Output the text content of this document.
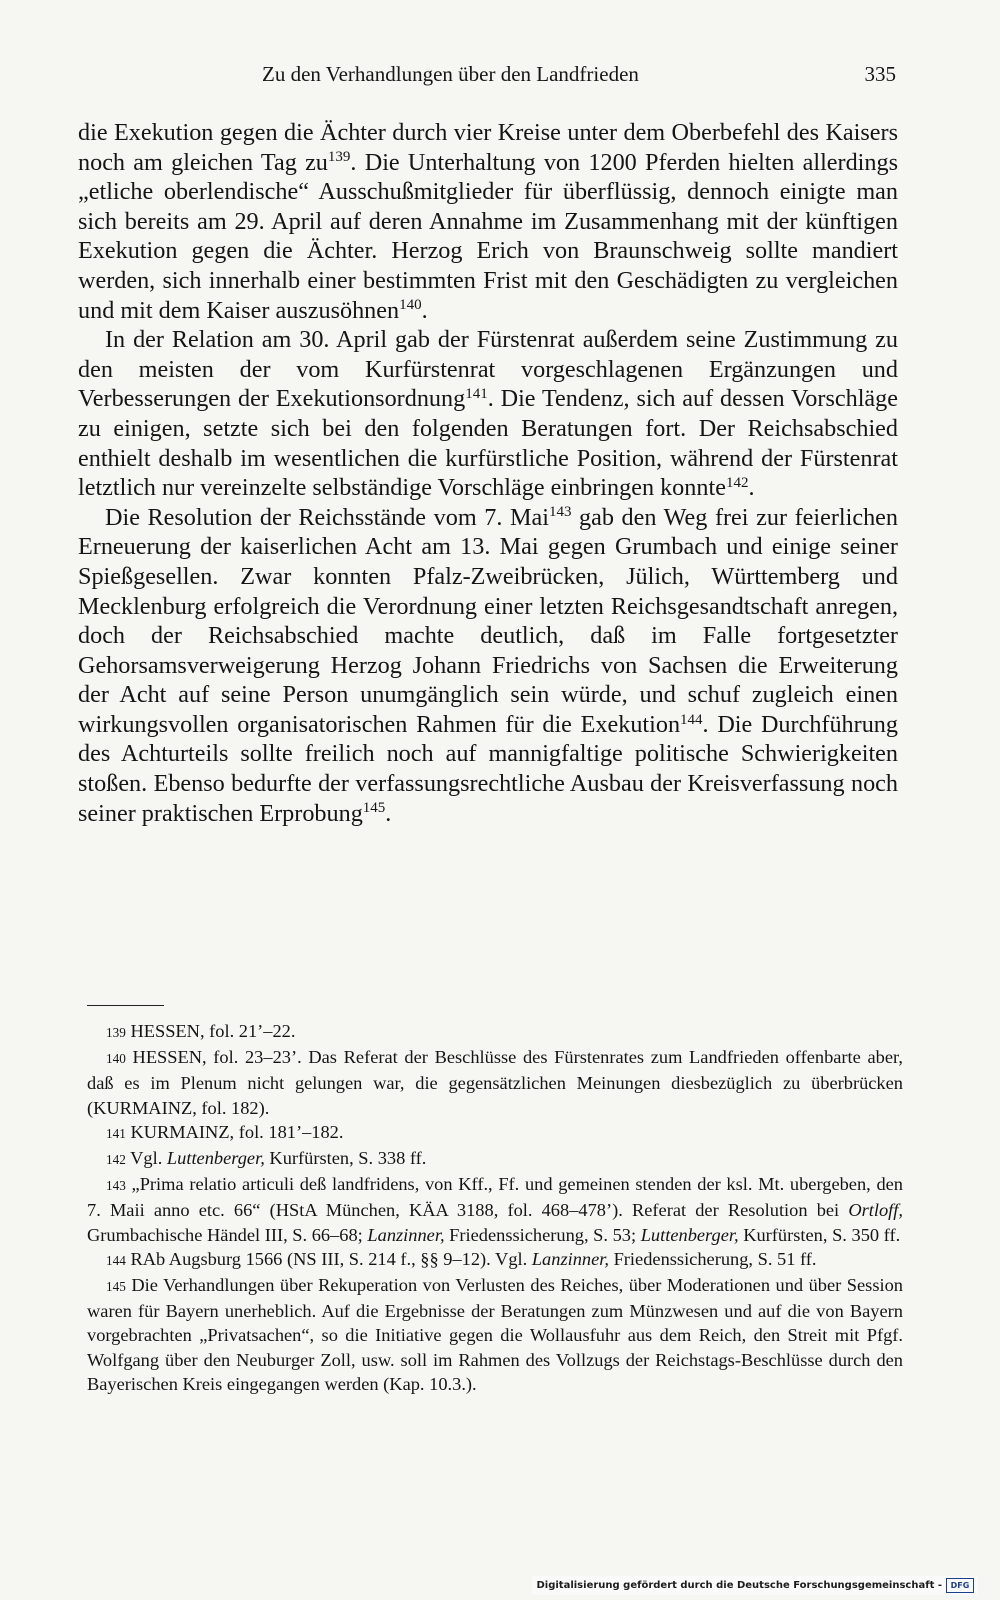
Zu den Verhandlungen über den Landfrieden	335

die Exekution gegen die Ächter durch vier Kreise unter dem Oberbefehl des Kaisers noch am gleichen Tag $zu^{139}$. Die Unterhaltung von 1200 Pferden hielten allerdings „etliche oberlendische“ Ausschußmitglieder für überflüssig, dennoch einigte man sich bereits am 29. April auf deren Annahme im Zusammenhang mit der künftigen Exekution gegen die Ächter. Herzog Erich von Braunschweig sollte mandiert werden, sich innerhalb einer bestimmten Frist mit den Geschädigten zu vergleichen und mit dem Kaiser auszusöhnen$^{140}$.

In der Relation am 30. April gab der Fürstenrat außerdem seine Zustimmung zu den meisten der vom Kurfürstenrat vorgeschlagenen Ergänzungen und Verbesserungen der Exekutionsordnung$^{141}$. Die Tendenz, sich auf dessen Vorschläge zu einigen, setzte sich bei den folgenden Beratungen fort. Der Reichsabschied enthielt deshalb im wesentlichen die kurfürstliche Position, während der Fürstenrat letztlich nur vereinzelte selbständige Vorschläge einbringen konnte$^{142}$.

Die Resolution der Reichsstände vom 7. Mai$^{143}$ gab den Weg frei zur feierlichen Erneuerung der kaiserlichen Acht am 13. Mai gegen Grumbach und einige seiner Spießgesellen. Zwar konnten Pfalz-Zweibrücken, Jülich, Württemberg und Mecklenburg erfolgreich die Verordnung einer letzten Reichsgesandtschaft anregen, doch der Reichsabschied machte deutlich, daß im Falle fortgesetzter Gehorsamsverweigerung Herzog Johann Friedrichs von Sachsen die Erweiterung der Acht auf seine Person unumgänglich sein würde, und schuf zugleich einen wirkungsvollen organisatorischen Rahmen für die Exekution$^{144}$. Die Durchführung des Achturteils sollte freilich noch auf mannigfaltige politische Schwierigkeiten stoßen. Ebenso bedurfte der verfassungsrechtliche Ausbau der Kreisverfassung noch seiner praktischen Erprobung$^{145}$.

139 HESSEN, fol. 21’–22.

140 HESSEN, fol. 23–23’. Das Referat der Beschlüsse des Fürstenrates zum Landfrieden offenbarte aber, daß es im Plenum nicht gelungen war, die gegensätzlichen Meinungen diesbezüglich zu überbrücken (KURMAINZ, fol. 182).

141 KURMAINZ, fol. 181’–182.

142 Vgl. Luttenberger, Kurfürsten, S. 338 ff.

143 „Prima relatio articuli deß landfridens, von Kff., Ff. und gemeinen stenden der ksl. Mt. ubergeben, den 7. Maii anno etc. 66“ (HStA München, KÄA 3188, fol. 468–478’). Referat der Resolution bei Ortloff, Grumbachische Händel III, S. 66–68; Lanzinner, Friedenssicherung, S. 53; Luttenberger, Kurfürsten, S. 350 ff.

144 RAb Augsburg 1566 (NS III, S. 214 f., §§ 9–12). Vgl. Lanzinner, Friedenssicherung, S. 51 ff.

145 Die Verhandlungen über Rekuperation von Verlusten des Reiches, über Moderationen und über Session waren für Bayern unerheblich. Auf die Ergebnisse der Beratungen zum Münzwesen und auf die von Bayern vorgebrachten „Privatsachen“, so die Initiative gegen die Wollausfuhr aus dem Reich, den Streit mit Pfgf. Wolfgang über den Neuburger Zoll, usw. soll im Rahmen des Vollzugs der Reichstags-Beschlüsse durch den Bayerischen Kreis eingegangen werden (Kap. 10.3.).

Digitalisierung gefördert durch die Deutsche Forschungsgemeinschaft -	DFG
